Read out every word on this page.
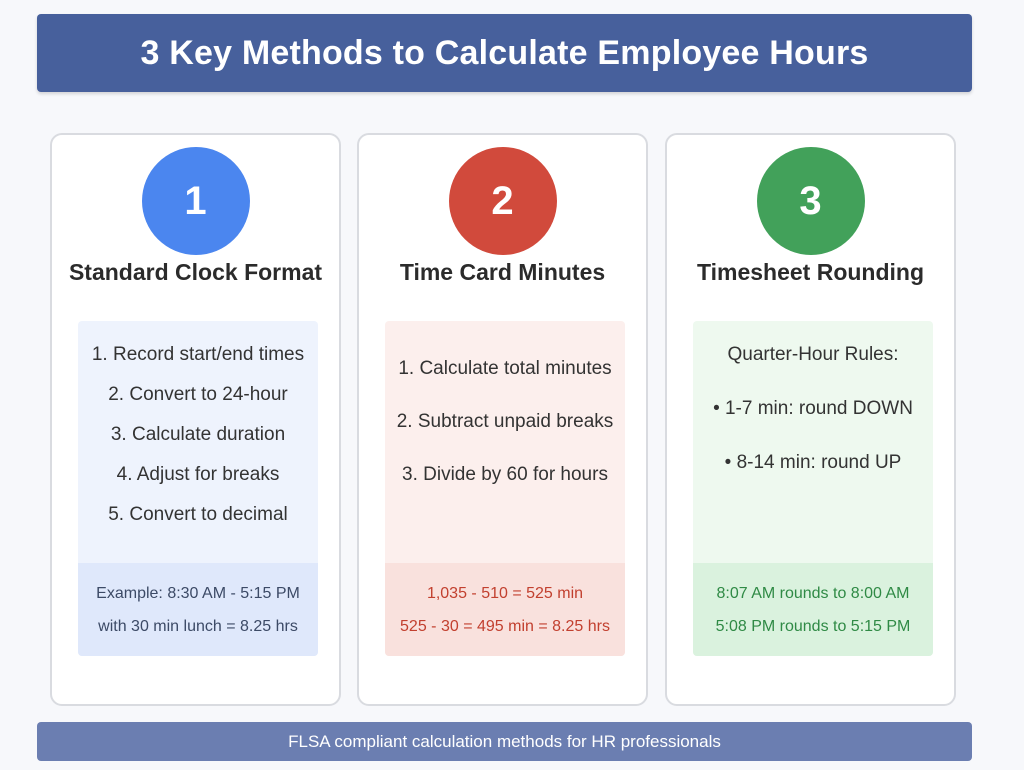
3 Key Methods to Calculate Employee Hours
1
Standard Clock Format
1. Record start/end times
2. Convert to 24-hour
3. Calculate duration
4. Adjust for breaks
5. Convert to decimal
Example: 8:30 AM - 5:15 PM
with 30 min lunch = 8.25 hrs
2
Time Card Minutes
1. Calculate total minutes
2. Subtract unpaid breaks
3. Divide by 60 for hours
1,035 - 510 = 525 min
525 - 30 = 495 min = 8.25 hrs
3
Timesheet Rounding
Quarter-Hour Rules:
• 1-7 min: round DOWN
• 8-14 min: round UP
8:07 AM rounds to 8:00 AM
5:08 PM rounds to 5:15 PM
FLSA compliant calculation methods for HR professionals
